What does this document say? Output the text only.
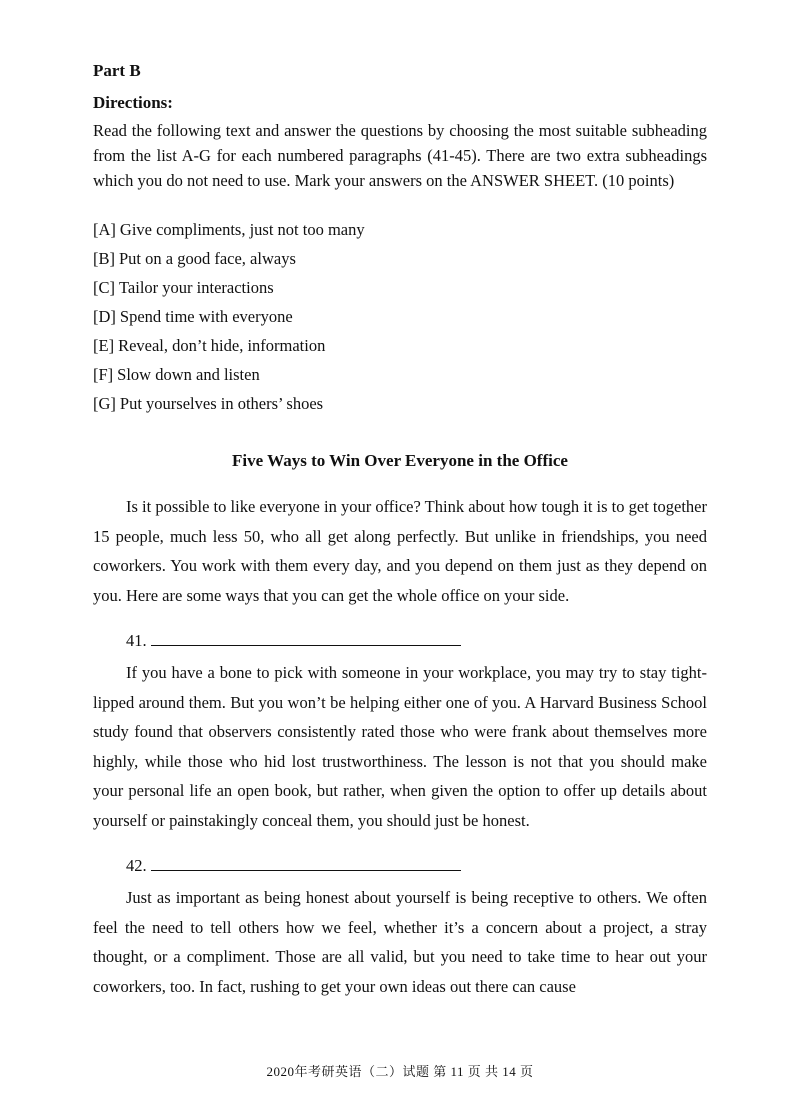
Part B
Directions:

Read the following text and answer the questions by choosing the most suitable subheading from the list A-G for each numbered paragraphs (41-45). There are two extra subheadings which you do not need to use. Mark your answers on the ANSWER SHEET. (10 points)

[A] Give compliments, just not too many
[B] Put on a good face, always
[C] Tailor your interactions
[D] Spend time with everyone
[E] Reveal, don’t hide, information
[F] Slow down and listen
[G] Put yourselves in others’ shoes
Five Ways to Win Over Everyone in the Office

Is it possible to like everyone in your office? Think about how tough it is to get together 15 people, much less 50, who all get along perfectly. But unlike in friendships, you need coworkers. You work with them every day, and you depend on them just as they depend on you. Here are some ways that you can get the whole office on your side.

41.

If you have a bone to pick with someone in your workplace, you may try to stay tight-lipped around them. But you won’t be helping either one of you. A Harvard Business School study found that observers consistently rated those who were frank about themselves more highly, while those who hid lost trustworthiness. The lesson is not that you should make your personal life an open book, but rather, when given the option to offer up details about yourself or painstakingly conceal them, you should just be honest.

42.

Just as important as being honest about yourself is being receptive to others. We often feel the need to tell others how we feel, whether it’s a concern about a project, a stray thought, or a compliment. Those are all valid, but you need to take time to hear out your coworkers, too. In fact, rushing to get your own ideas out there can cause

2020年考研英语（二）试题 第 11 页 共 14 页
